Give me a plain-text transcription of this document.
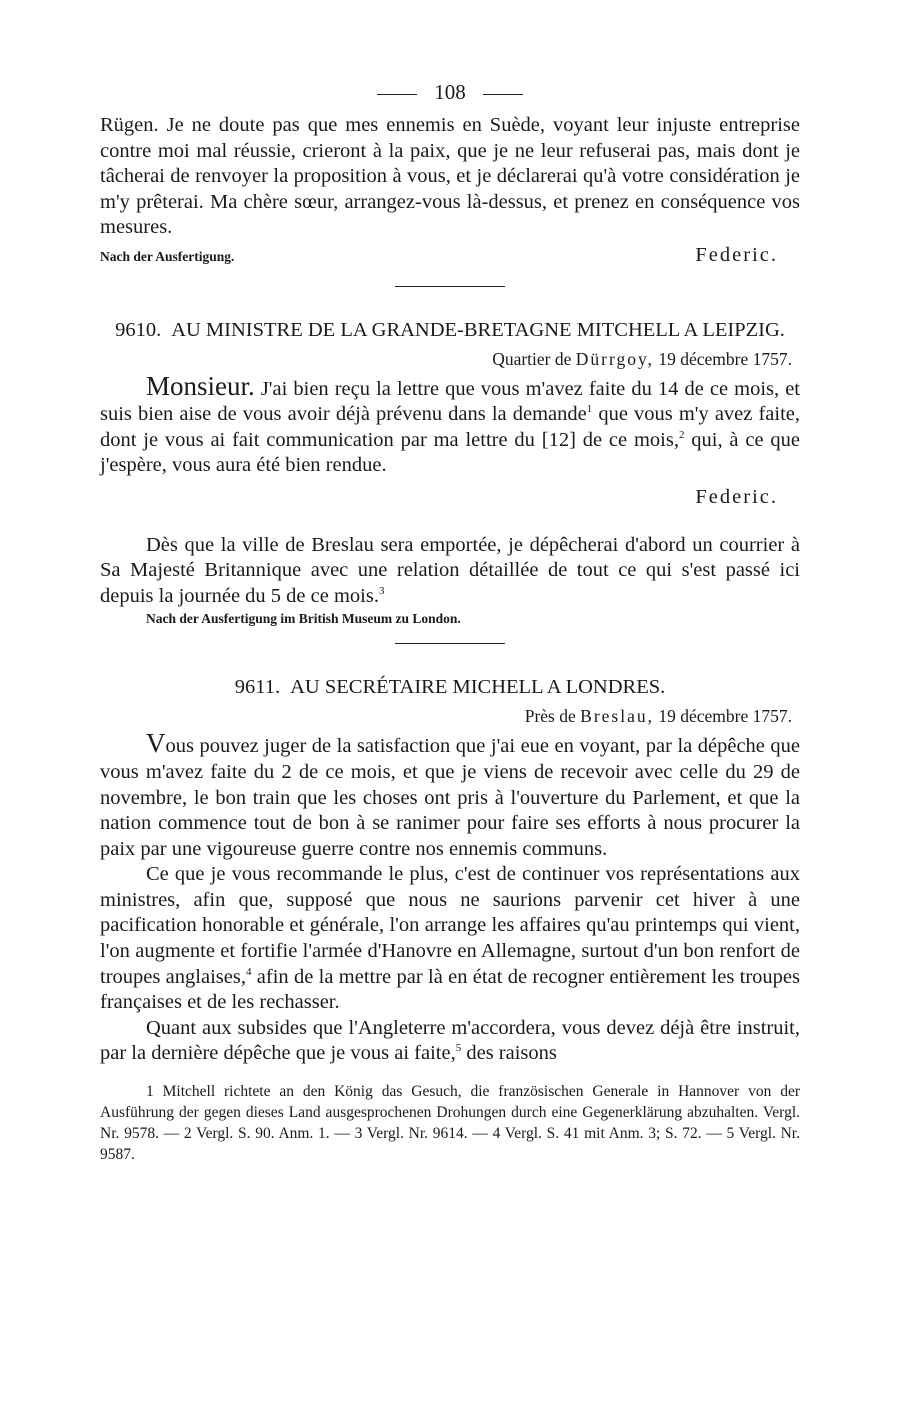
108

Rügen. Je ne doute pas que mes ennemis en Suède, voyant leur injuste entreprise contre moi mal réussie, crieront à la paix, que je ne leur refuserai pas, mais dont je tâcherai de renvoyer la proposition à vous, et je déclarerai qu'à votre considération je m'y prêterai. Ma chère sœur, arrangez-vous là-dessus, et prenez en conséquence vos mesures.

Nach der Ausfertigung.	Federic.
9610. AU MINISTRE DE LA GRANDE-BRETAGNE MITCHELL A LEIPZIG.
Quartier de Dürrgoy, 19 décembre 1757.

Monsieur. J'ai bien reçu la lettre que vous m'avez faite du 14 de ce mois, et suis bien aise de vous avoir déjà prévenu dans la demande$^1$ que vous m'y avez faite, dont je vous ai fait communication par ma lettre du [12] de ce mois,$^2$ qui, à ce que j'espère, vous aura été bien rendue.

Federic.

Dès que la ville de Breslau sera emportée, je dépêcherai d'abord un courrier à Sa Majesté Britannique avec une relation détaillée de tout ce qui s'est passé ici depuis la journée du 5 de ce mois.$^3$

Nach der Ausfertigung im British Museum zu London.
9611. AU SECRÉTAIRE MICHELL A LONDRES.
Près de Breslau, 19 décembre 1757.

Vous pouvez juger de la satisfaction que j'ai eue en voyant, par la dépêche que vous m'avez faite du 2 de ce mois, et que je viens de recevoir avec celle du 29 de novembre, le bon train que les choses ont pris à l'ouverture du Parlement, et que la nation commence tout de bon à se ranimer pour faire ses efforts à nous procurer la paix par une vigoureuse guerre contre nos ennemis communs.

Ce que je vous recommande le plus, c'est de continuer vos représentations aux ministres, afin que, supposé que nous ne saurions parvenir cet hiver à une pacification honorable et générale, l'on arrange les affaires qu'au printemps qui vient, l'on augmente et fortifie l'armée d'Hanovre en Allemagne, surtout d'un bon renfort de troupes anglaises,$^4$ afin de la mettre par là en état de recogner entièrement les troupes françaises et de les rechasser.

Quant aux subsides que l'Angleterre m'accordera, vous devez déjà être instruit, par la dernière dépêche que je vous ai faite,$^5$ des raisons

1 Mitchell richtete an den König das Gesuch, die französischen Generale in Hannover von der Ausführung der gegen dieses Land ausgesprochenen Drohungen durch eine Gegenerklärung abzuhalten. Vergl. Nr. 9578. — 2 Vergl. S. 90. Anm. 1. — 3 Vergl. Nr. 9614. — 4 Vergl. S. 41 mit Anm. 3; S. 72. — 5 Vergl. Nr. 9587.
